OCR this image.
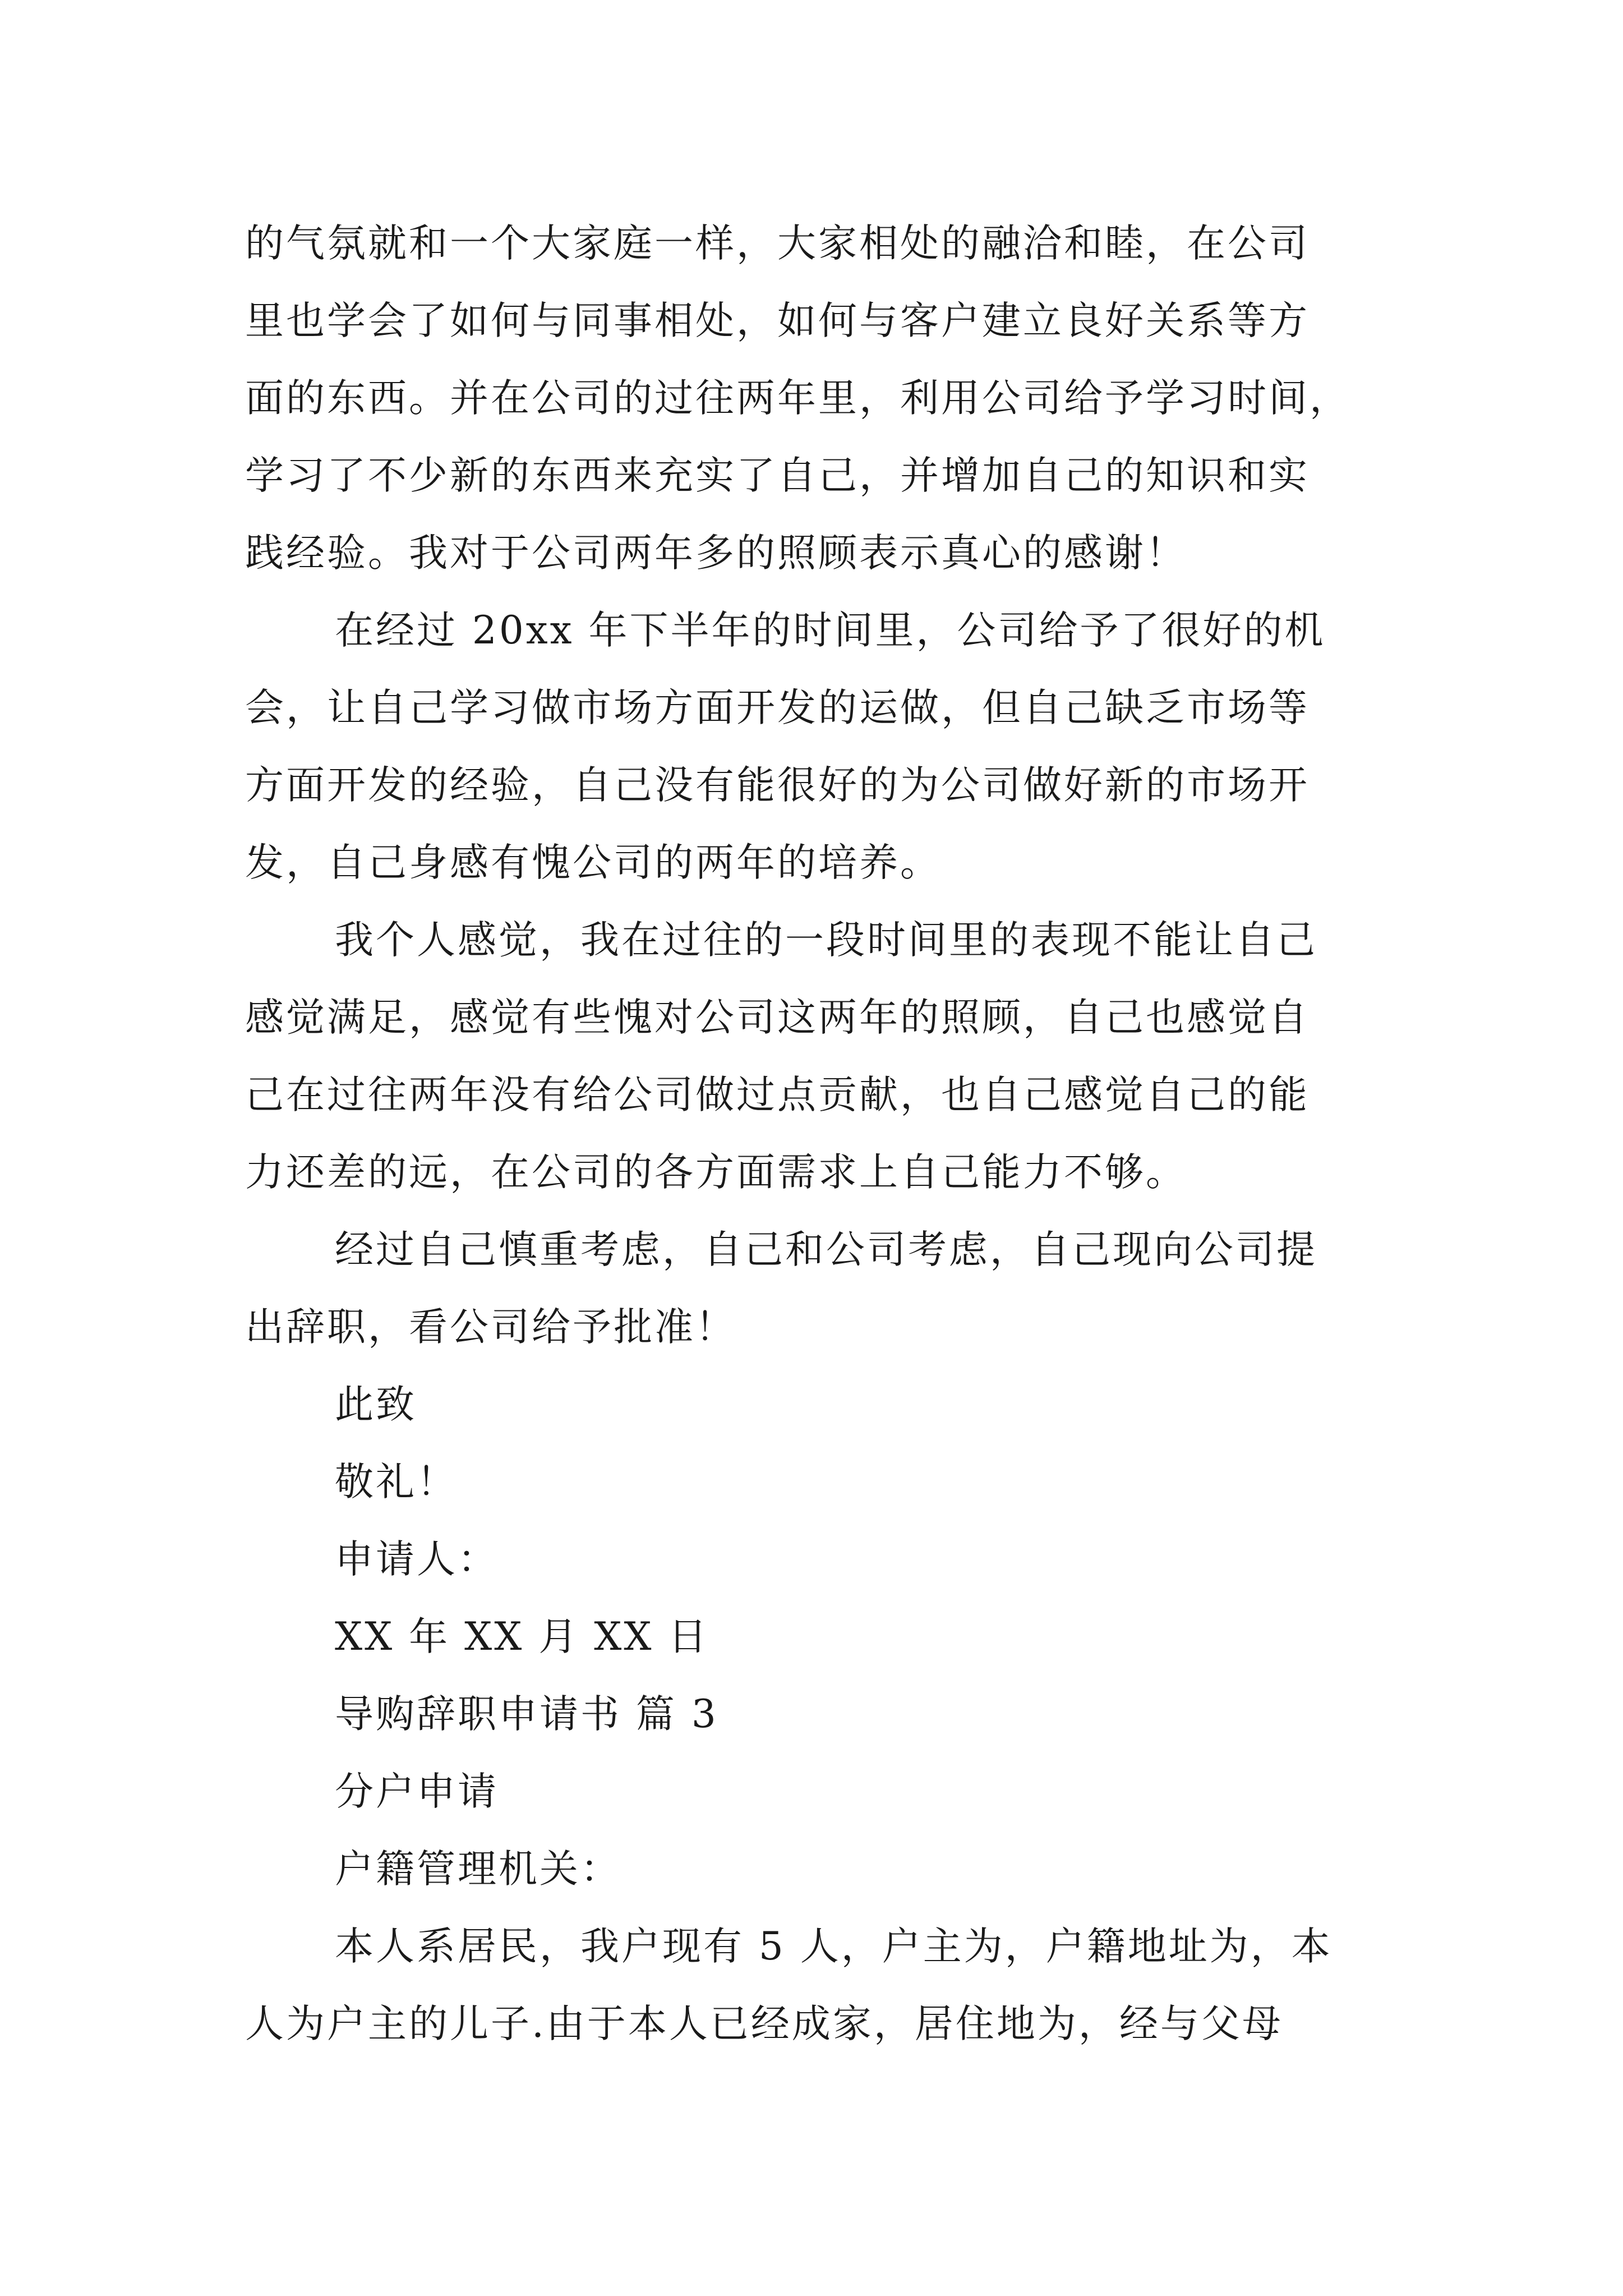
的气氛就和一个大家庭一样，大家相处的融洽和睦，在公司
里也学会了如何与同事相处，如何与客户建立良好关系等方
面的东西。并在公司的过往两年里，利用公司给予学习时间，
学习了不少新的东西来充实了自己，并增加自己的知识和实
践经验。我对于公司两年多的照顾表示真心的感谢！
在经过 20xx 年下半年的时间里，公司给予了很好的机
会，让自己学习做市场方面开发的运做，但自己缺乏市场等
方面开发的经验，自己没有能很好的为公司做好新的市场开
发，自己身感有愧公司的两年的培养。
我个人感觉，我在过往的一段时间里的表现不能让自己
感觉满足，感觉有些愧对公司这两年的照顾，自己也感觉自
己在过往两年没有给公司做过点贡献，也自己感觉自己的能
力还差的远，在公司的各方面需求上自己能力不够。
经过自己慎重考虑，自己和公司考虑，自己现向公司提
出辞职，看公司给予批准！
此致
敬礼！
申请人：
XX 年 XX 月 XX 日
导购辞职申请书 篇 3
分户申请
户籍管理机关：
本人系居民，我户现有 5 人，户主为，户籍地址为，本
人为户主的儿子.由于本人已经成家，居住地为，经与父母
